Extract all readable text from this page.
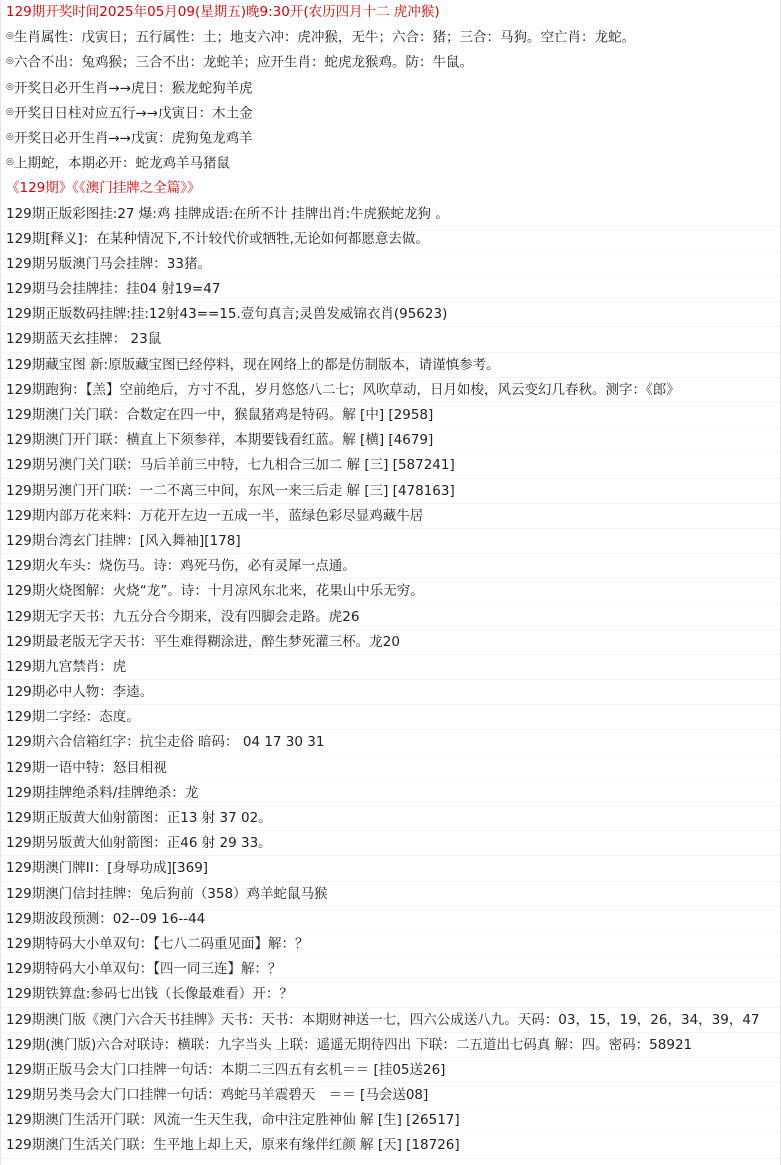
129期开奖时间2025年05月09(星期五)晚9:30开(农历四月十二 虎冲猴)
◎生肖属性：戊寅日；五行属性：土；地支六冲：虎冲猴，无牛；六合：猪；三合：马狗。空亡肖：龙蛇。
◎六合不出：兔鸡猴；三合不出：龙蛇羊；应开生肖：蛇虎龙猴鸡。防：牛鼠。
◎开奖日必开生肖→→虎日：猴龙蛇狗羊虎
◎开奖日日柱对应五行→→戊寅日：木土金
◎开奖日必开生肖→→戊寅：虎狗兔龙鸡羊
◎上期蛇，本期必开：蛇龙鸡羊马猪鼠
《129期》《《澳门挂牌之全篇》》
129期正版彩图挂:27 爆:鸡 挂牌成语:在所不计 挂牌出肖:牛虎猴蛇龙狗 。
129期[释义]：在某种情况下,不计较代价或牺牲,无论如何都愿意去做。
129期另版澳门马会挂牌：33猪。
129期马会挂牌挂：挂04 射19=47
129期正版数码挂牌:挂:12射43==15.壹句真言;灵兽发威锦衣肖(95623)
129期蓝天玄挂牌： 23鼠
129期藏宝图 新:原版藏宝图已经停料，现在网络上的都是仿制版本，请谨慎参考。
129期跑狗：【羔】空前绝后，方寸不乱，岁月悠悠八二七；风吹草动，日月如梭，风云变幻几春秋。测字：《郎》
129期澳门关门联：合数定在四一中，猴鼠猪鸡是特码。解 [中] [2958]
129期澳门开门联：横直上下须参祥，本期要钱看红蓝。解 [横] [4679]
129期另澳门关门联：马后羊前三中特，七九相合三加二 解 [三] [587241]
129期另澳门开门联：一二不离三中间，东风一来三后走 解 [三] [478163]
129期内部万花来料：万花开左边一五成一半，蓝绿色彩尽显鸡藏牛居
129期台湾玄门挂牌：[风入舞袖][178]
129期火车头：烧伤马。诗：鸡死马伤，必有灵犀一点通。
129期火烧图解：火烧“龙”。诗：十月凉风东北来，花果山中乐无穷。
129期无字天书：九五分合今期来，没有四脚会走路。虎26
129期最老版无字天书：平生难得糊涂进，醉生梦死灌三杯。龙20
129期九宫禁肖：虎
129期必中人物：李逵。
129期二字经：态度。
129期六合信箱红字：抗尘走俗 暗码： 04 17 30 31
129期一语中特：怒目相视
129期挂牌绝杀料/挂牌绝杀：龙
129期正版黄大仙射箭图：正13 射 37 02。
129期另版黄大仙射箭图：正46 射 29 33。
129期澳门牌II：[身辱功成][369]
129期澳门信封挂牌：兔后狗前（358）鸡羊蛇鼠马猴
129期波段预测：02--09 16--44
129期特码大小单双句：【七八二码重见面】解：？
129期特码大小单双句：【四一同三连】解：？
129期铁算盘:参码七出钱（长像最难看）开：？
129期澳门版《澳门六合天书挂牌》天书：天书：本期财神送一七，四六公成送八九。天码：03，15，19，26，34，39，47
129期(澳门版)六合对联诗：横联：九字当头 上联：遥遥无期待四出 下联：二五道出七码真 解：四。密码：58921
129期正版马会大门口挂牌一句话：本期二三四五有玄机＝＝ [挂05送26]
129期另类马会大门口挂牌一句话：鸡蛇马羊震碧天　＝＝ [马会送08]
129期澳门生活开门联：风流一生天生我，命中注定胜神仙 解 [生] [26517]
129期澳门生活关门联：生平地上却上天，原来有缘伴红颜 解 [天] [18726]
